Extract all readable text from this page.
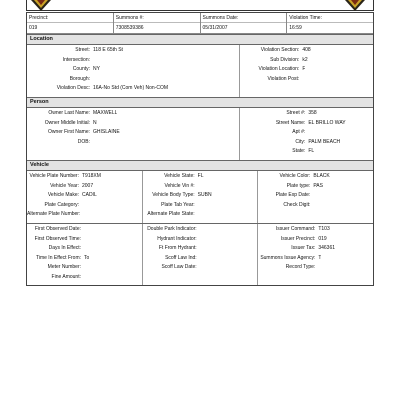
Precinct:
019
Summons #:
7308539386
Summons Date:
05/31/2007
Violation Time:
16:59
Location
Street: 118 E 65th St
Intersection:
County: NY
Borough:
Violation Desc: 16A-No Std (Com Veh) Non-COM
Violation Section: 408
Sub Division: k2
Violation Location: F
Violation Post:
Person
Owner Last Name: MAXWELL
Owner Middle Initial: N
Owner First Name: GHISLAINE
DOB:
Street #: 358
Street Name: EL BRILLO WAY
Apt #:
City: PALM BEACH
State: FL
Vehicle
Vehicle Plate Number: T918XM
Vehicle Year: 2007
Vehicle Make: CADIL
Plate Category:
Alternate Plate Number:
Vehicle State: FL
Vehicle Vin #:
Vehicle Body Type: SUBN
Plate Tab Year:
Alternate Plate State:
Vehicle Color: BLACK
Plate type: PAS
Plate Exp Date:
Check Digit:
First Observed Date:
First Observed Time:
Days In Effect:
Time In Effect From: To
Meter Number:
Fine Amount:
Double Park Indicator:
Hydrant Indicator:
Ft From Hydrant:
Scoff Law Ind:
Scoff Law Date:
Issuer Command: T103
Issuer Precinct: 019
Issuer Tax: 346361
Summons Issue Agency: T
Record Type:
